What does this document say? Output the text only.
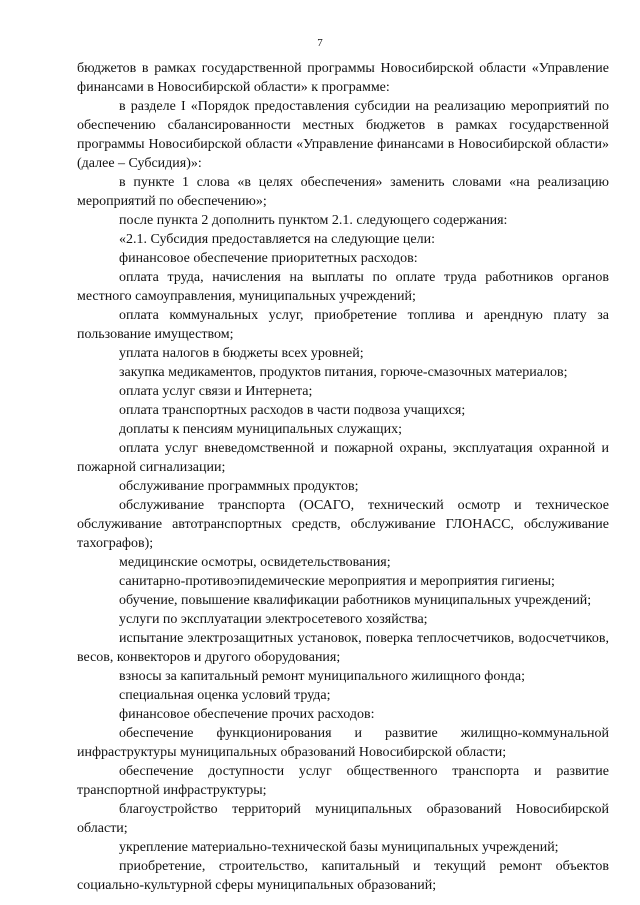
7

бюджетов в рамках государственной программы Новосибирской области «Управление финансами в Новосибирской области» к программе:

в разделе I «Порядок предоставления субсидии на реализацию мероприятий по обеспечению сбалансированности местных бюджетов в рамках государственной программы Новосибирской области «Управление финансами в Новосибирской области» (далее – Субсидия)»:

в пункте 1 слова «в целях обеспечения» заменить словами «на реализацию мероприятий по обеспечению»;

после пункта 2 дополнить пунктом 2.1. следующего содержания:

«2.1. Субсидия предоставляется на следующие цели:

финансовое обеспечение приоритетных расходов:

оплата труда, начисления на выплаты по оплате труда работников органов местного самоуправления, муниципальных учреждений;

оплата коммунальных услуг, приобретение топлива и арендную плату за пользование имуществом;

уплата налогов в бюджеты всех уровней;

закупка медикаментов, продуктов питания, горюче-смазочных материалов;

оплата услуг связи и Интернета;

оплата транспортных расходов в части подвоза учащихся;

доплаты к пенсиям муниципальных служащих;

оплата услуг вневедомственной и пожарной охраны, эксплуатация охранной и пожарной сигнализации;

обслуживание программных продуктов;

обслуживание транспорта (ОСАГО, технический осмотр и техническое обслуживание автотранспортных средств, обслуживание ГЛОНАСС, обслуживание тахографов);

медицинские осмотры, освидетельствования;

санитарно-противоэпидемические мероприятия и мероприятия гигиены;

обучение, повышение квалификации работников муниципальных учреждений;

услуги по эксплуатации электросетевого хозяйства;

испытание электрозащитных установок, поверка теплосчетчиков, водосчетчиков, весов, конвекторов и другого оборудования;

взносы за капитальный ремонт муниципального жилищного фонда;

специальная оценка условий труда;

финансовое обеспечение прочих расходов:

обеспечение функционирования и развитие жилищно-коммунальной инфраструктуры муниципальных образований Новосибирской области;

обеспечение доступности услуг общественного транспорта и развитие транспортной инфраструктуры;

благоустройство территорий муниципальных образований Новосибирской области;

укрепление материально-технической базы муниципальных учреждений;

приобретение, строительство, капитальный и текущий ремонт объектов социально-культурной сферы муниципальных образований;
